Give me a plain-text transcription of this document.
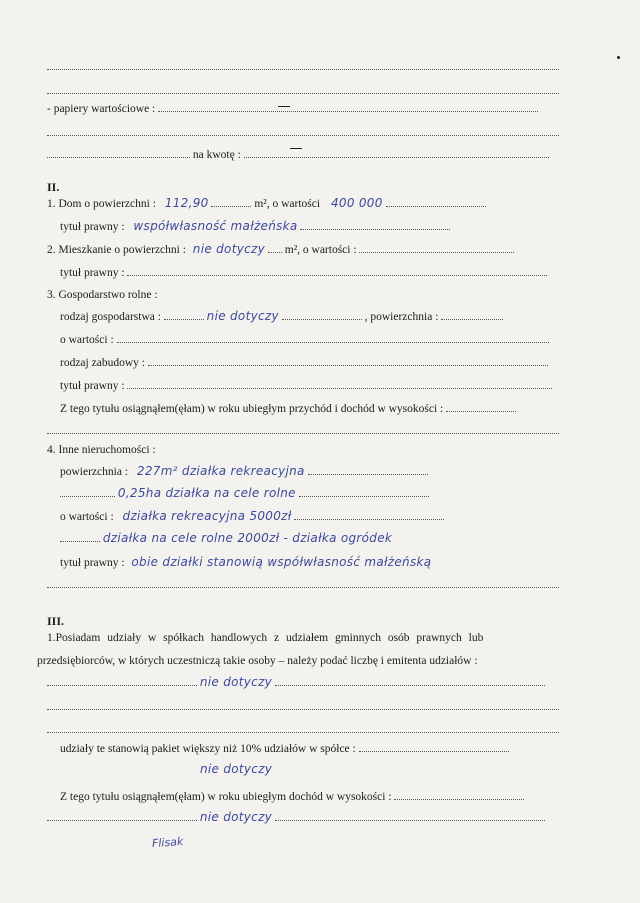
- papiery wartościowe :
na kwotę :
II.
1. Dom o powierzchni : 112,90	m², o wartości 400 000
tytuł prawny : współwłasność małżeńska
2. Mieszkanie o powierzchni : nie dotyczy m², o wartości :
tytuł prawny :
3. Gospodarstwo rolne :
rodzaj gospodarstwa :	nie dotyczy	, powierzchnia :
o wartości :
rodzaj zabudowy :
tytuł prawny :
Z tego tytułu osiągnąłem(ęłam) w roku ubiegłym przychód i dochód w wysokości :
4. Inne nieruchomości :
powierzchnia : 227m² działka rekreacyjna
0,25ha działka na cele rolne
o wartości : działka rekreacyjna 5000zł
działka na cele rolne 2000zł - działka ogródek
tytuł prawny : obie działki stanowią współwłasność małżeńską
III.
1.Posiadam udziały w spółkach handlowych z udziałem gminnych osób prawnych lub
przedsiębiorców, w których uczestniczą takie osoby – należy podać liczbę i emitenta udziałów :
nie dotyczy
udziały te stanowią pakiet większy niż 10% udziałów w spółce :
nie dotyczy
Z tego tytułu osiągnąłem(ęłam) w roku ubiegłym dochód w wysokości :
nie dotyczy
Flisak
